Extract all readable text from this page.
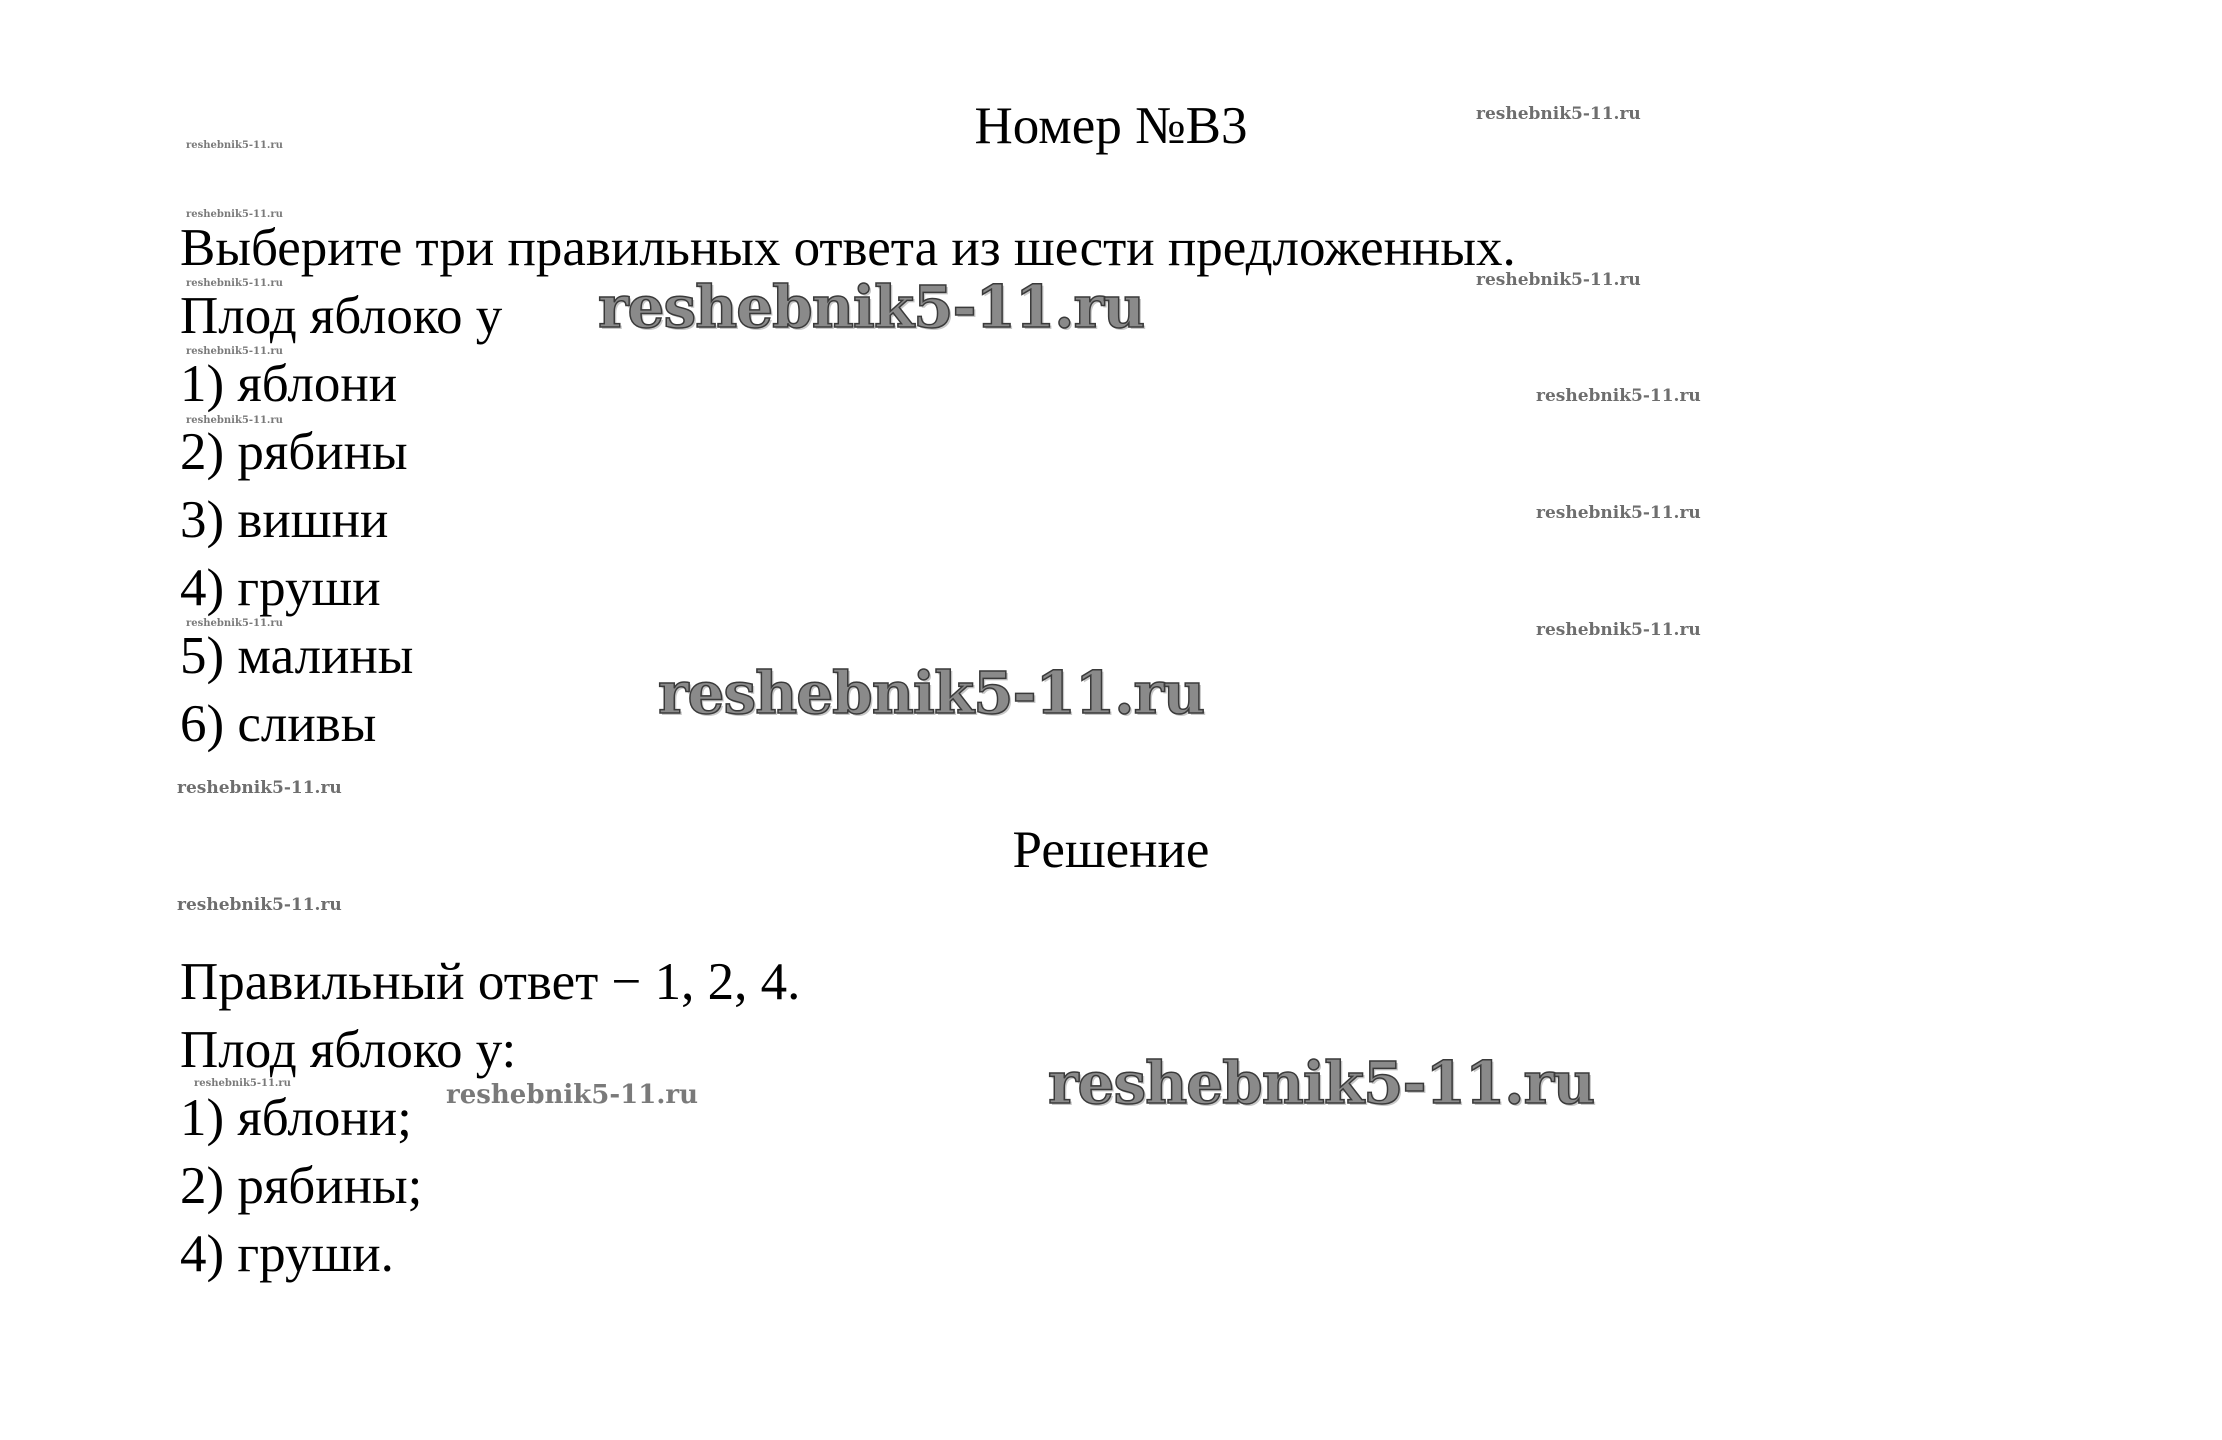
Номер №В3
Выберите три правильных ответа из шести предложенных.
Плод яблоко у
1) яблони
2) рябины
3) вишни
4) груши
5) малины
6) сливы
Решение
Правильный ответ − 1, 2, 4.
Плод яблоко у:
1) яблони;
2) рябины;
4) груши.
reshebnik5-11.ru
reshebnik5-11.ru
reshebnik5-11.ru
reshebnik5-11.ru
reshebnik5-11.ru
reshebnik5-11.ru
reshebnik5-11.ru
reshebnik5-11.ru
reshebnik5-11.ru
reshebnik5-11.ru
reshebnik5-11.ru
reshebnik5-11.ru
reshebnik5-11.ru
reshebnik5-11.ru
reshebnik5-11.ru
reshebnik5-11.ru
reshebnik5-11.ru
reshebnik5-11.ru
